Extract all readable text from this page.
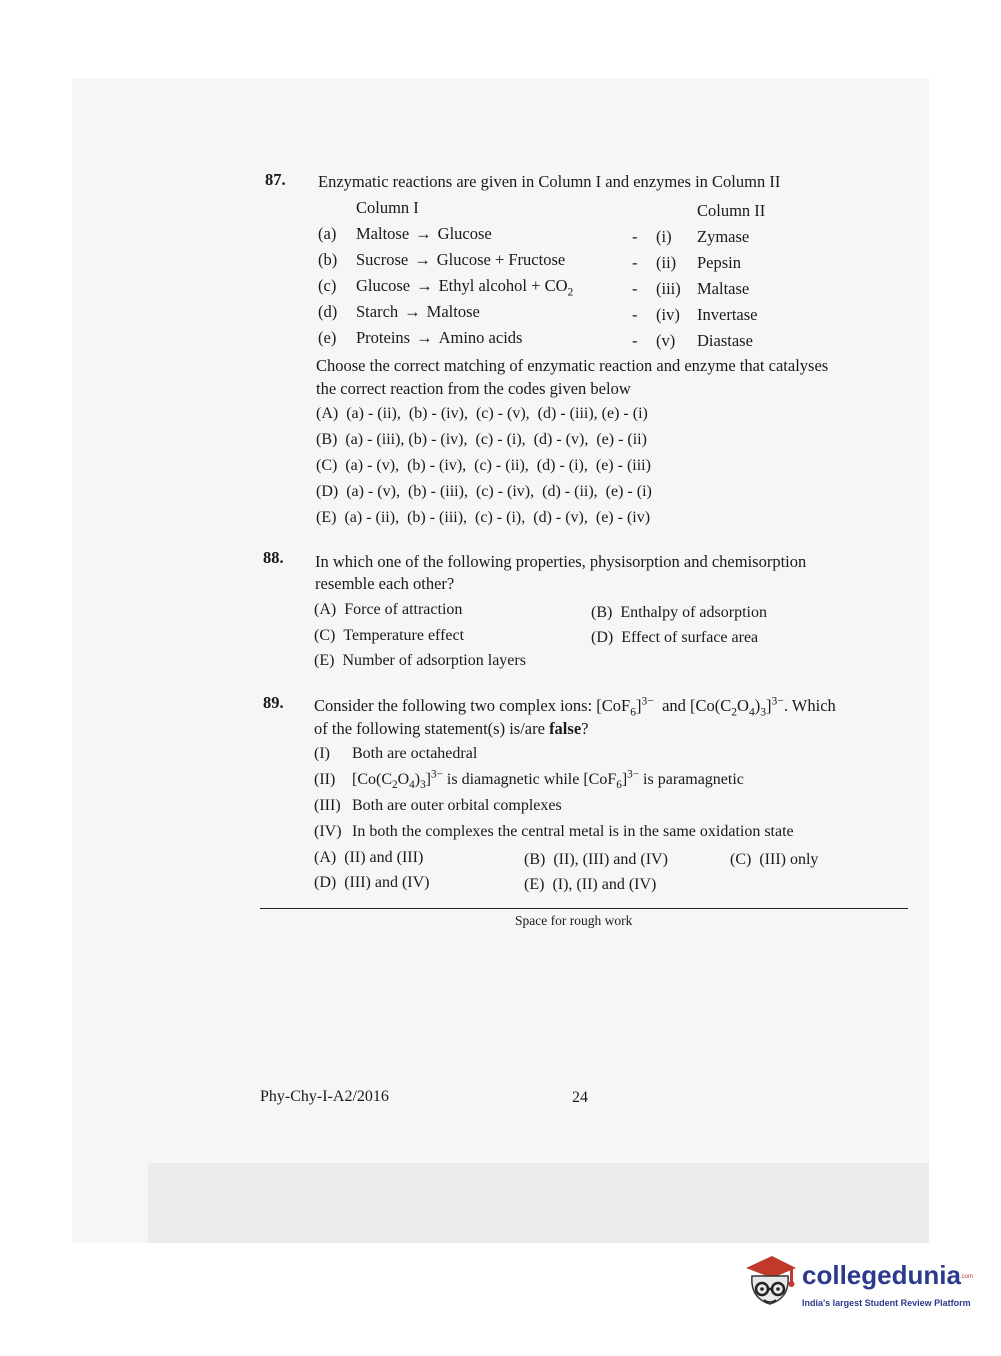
87. Enzymatic reactions are given in Column I and enzymes in Column II
Column I	Column II
(a) Maltose → Glucose	- (i) Zymase
(b) Sucrose → Glucose + Fructose	- (ii) Pepsin
(c) Glucose → Ethyl alcohol + $CO_2$	- (iii) Maltase
(d) Starch → Maltose	- (iv) Invertase
(e) Proteins → Amino acids	- (v) Diastase
Choose the correct matching of enzymatic reaction and enzyme that catalyses
the correct reaction from the codes given below
(A) (a) - (ii),  (b) - (iv),  (c) - (v),  (d) - (iii), (e) - (i)
(B) (a) - (iii), (b) - (iv),  (c) - (i),  (d) - (v),  (e) - (ii)
(C) (a) - (v),  (b) - (iv),  (c) - (ii),  (d) - (i),  (e) - (iii)
(D) (a) - (v),  (b) - (iii),  (c) - (iv),  (d) - (ii),  (e) - (i)
(E) (a) - (ii),  (b) - (iii),  (c) - (i),  (d) - (v),  (e) - (iv)
88. In which one of the following properties, physisorption and chemisorption
resemble each other?
(A) Force of attraction	(B) Enthalpy of adsorption
(C) Temperature effect	(D) Effect of surface area
(E) Number of adsorption layers
89. Consider the following two complex ions: $[CoF_6]^{3-}$ and $[Co(C_2O_4)_3]^{3-}$. Which
of the following statement(s) is/are false?
(I) Both are octahedral
(II) $[Co(C_2O_4)_3]^{3-}$ is diamagnetic while $[CoF_6]^{3-}$ is paramagnetic
(III) Both are outer orbital complexes
(IV) In both the complexes the central metal is in the same oxidation state
(A) (II) and (III)	(B) (II), (III) and (IV)	(C) (III) only
(D) (III) and (IV)	(E) (I), (II) and (IV)
Space for rough work
Phy-Chy-I-A2/2016	24
collegedunia .com
India's largest Student Review Platform
